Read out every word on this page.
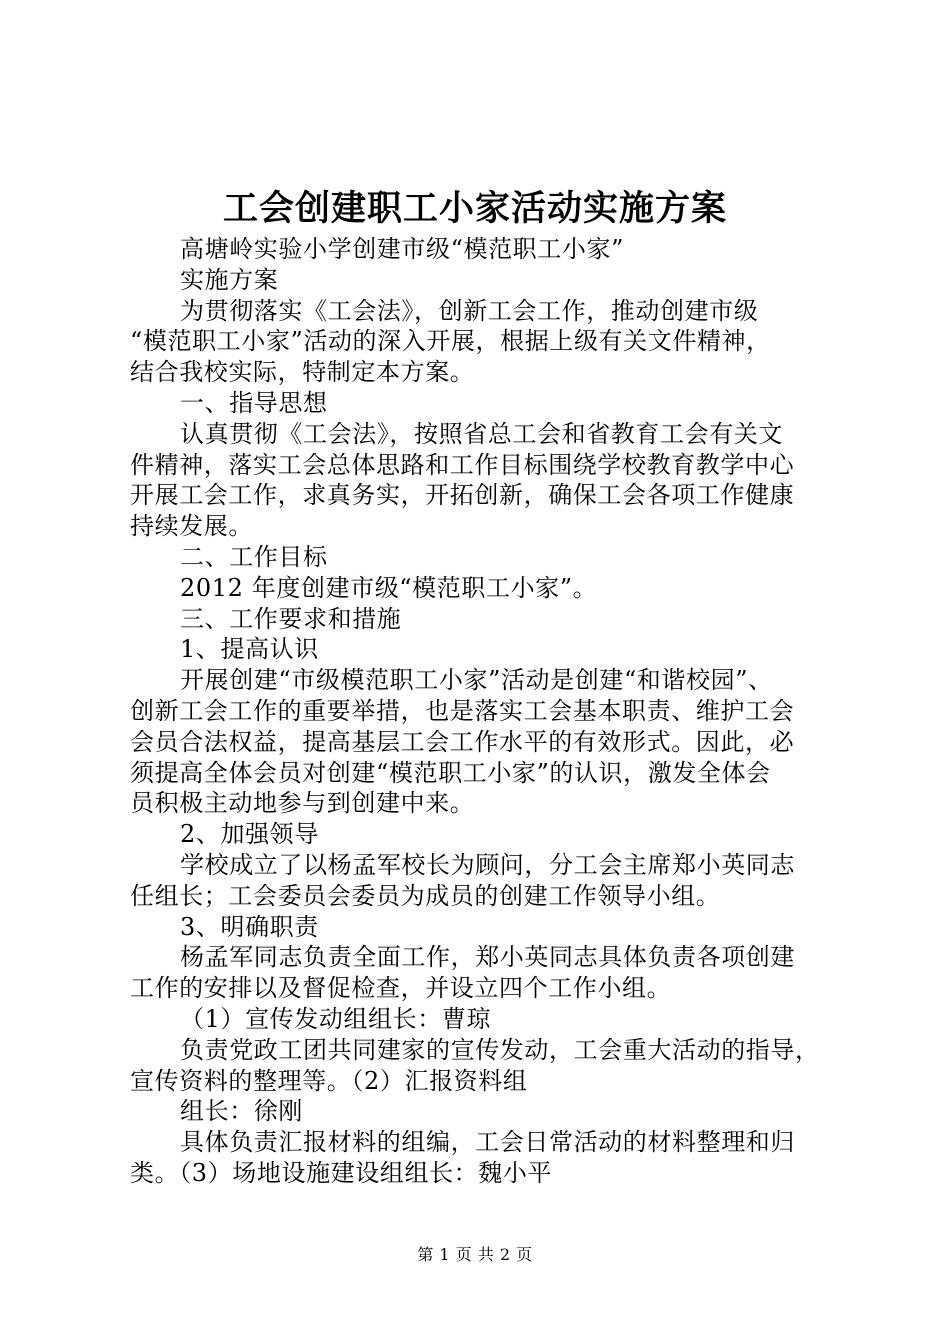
工会创建职工小家活动实施方案
高塘岭实验小学创建市级“模范职工小家”
实施方案
为贯彻落实《工会法》，创新工会工作，推动创建市级
“模范职工小家”活动的深入开展，根据上级有关文件精神，
结合我校实际，特制定本方案。
一、指导思想
认真贯彻《工会法》，按照省总工会和省教育工会有关文
件精神，落实工会总体思路和工作目标围绕学校教育教学中心
开展工会工作，求真务实，开拓创新，确保工会各项工作健康
持续发展。
二、工作目标
2012 年度创建市级“模范职工小家”。
三、工作要求和措施
1、提高认识
开展创建“市级模范职工小家”活动是创建“和谐校园”、
创新工会工作的重要举措，也是落实工会基本职责、维护工会
会员合法权益，提高基层工会工作水平的有效形式。因此，必
须提高全体会员对创建“模范职工小家”的认识，激发全体会
员积极主动地参与到创建中来。
2、加强领导
学校成立了以杨孟军校长为顾问，分工会主席郑小英同志
任组长；工会委员会委员为成员的创建工作领导小组。
3、明确职责
杨孟军同志负责全面工作，郑小英同志具体负责各项创建
工作的安排以及督促检查，并设立四个工作小组。
（1）宣传发动组组长：曹琼
负责党政工团共同建家的宣传发动，工会重大活动的指导，
宣传资料的整理等。（2）汇报资料组
组长：徐刚
具体负责汇报材料的组编，工会日常活动的材料整理和归
类。（3）场地设施建设组组长：魏小平
第 1 页 共 2 页
